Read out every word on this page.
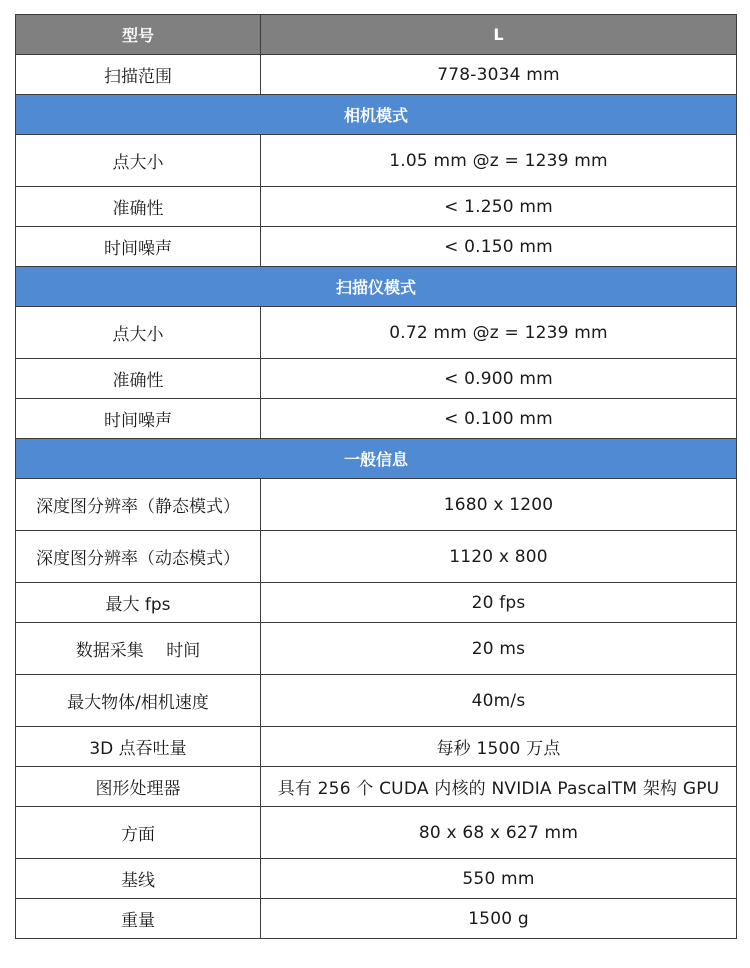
型号	L
扫描范围	778-3034 mm
相机模式	
点大小	1.05 mm @z = 1239 mm
准确性	< 1.250 mm
时间噪声	< 0.150 mm
扫描仪模式	
点大小	0.72 mm @z = 1239 mm
准确性	< 0.900 mm
时间噪声	< 0.100 mm
一般信息	
深度图分辨率（静态模式）	1680 x 1200
深度图分辨率（动态模式）	1120 x 800
最大 fps	20 fps
数据采集　 时间	20 ms
最大物体/相机速度	40m/s
3D 点吞吐量	每秒 1500 万点
图形处理器	具有 256 个 CUDA 内核的 NVIDIA PascalTM 架构 GPU
方面	80 x 68 x 627 mm
基线	550 mm
重量	1500 g
